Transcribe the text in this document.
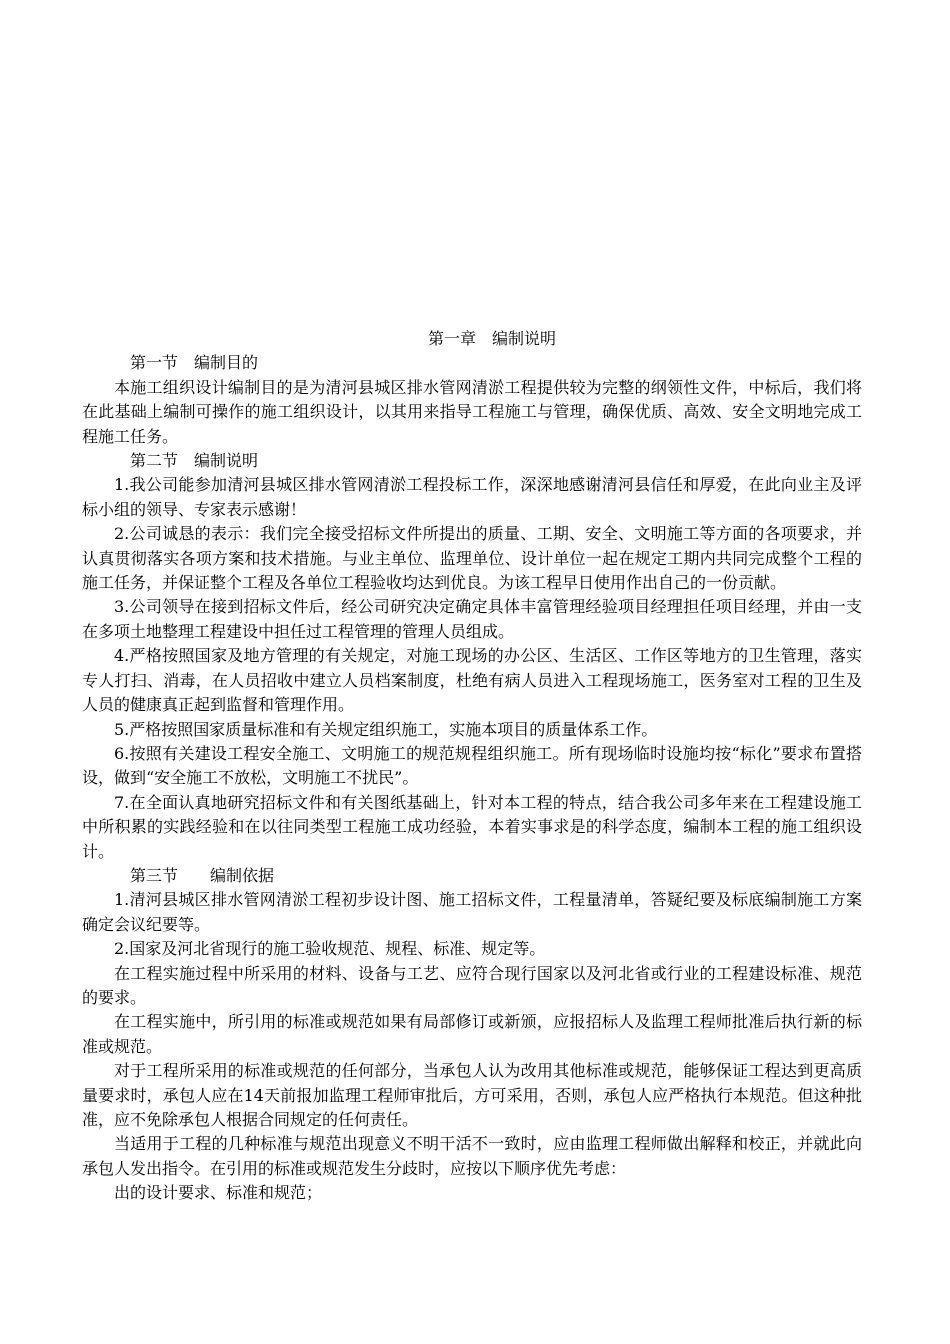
第一章　编制说明

第一节　编制目的

本施工组织设计编制目的是为清河县城区排水管网清淤工程提供较为完整的纲领性文件，中标后，我们将在此基础上编制可操作的施工组织设计，以其用来指导工程施工与管理，确保优质、高效、安全文明地完成工程施工任务。

第二节　编制说明

1.我公司能参加清河县城区排水管网清淤工程投标工作，深深地感谢清河县信任和厚爱，在此向业主及评标小组的领导、专家表示感谢！

2.公司诚恳的表示：我们完全接受招标文件所提出的质量、工期、安全、文明施工等方面的各项要求，并认真贯彻落实各项方案和技术措施。与业主单位、监理单位、设计单位一起在规定工期内共同完成整个工程的施工任务，并保证整个工程及各单位工程验收均达到优良。为该工程早日使用作出自己的一份贡献。

3.公司领导在接到招标文件后，经公司研究决定确定具体丰富管理经验项目经理担任项目经理，并由一支在多项土地整理工程建设中担任过工程管理的管理人员组成。

4.严格按照国家及地方管理的有关规定，对施工现场的办公区、生活区、工作区等地方的卫生管理，落实专人打扫、消毒，在人员招收中建立人员档案制度，杜绝有病人员进入工程现场施工，医务室对工程的卫生及人员的健康真正起到监督和管理作用。

5.严格按照国家质量标准和有关规定组织施工，实施本项目的质量体系工作。

6.按照有关建设工程安全施工、文明施工的规范规程组织施工。所有现场临时设施均按“标化”要求布置搭设，做到“安全施工不放松，文明施工不扰民”。

7.在全面认真地研究招标文件和有关图纸基础上，针对本工程的特点，结合我公司多年来在工程建设施工中所积累的实践经验和在以往同类型工程施工成功经验，本着实事求是的科学态度，编制本工程的施工组织设计。

第三节　　编制依据

1.清河县城区排水管网清淤工程初步设计图、施工招标文件，工程量清单，答疑纪要及标底编制施工方案确定会议纪要等。

2.国家及河北省现行的施工验收规范、规程、标准、规定等。

在工程实施过程中所采用的材料、设备与工艺、应符合现行国家以及河北省或行业的工程建设标准、规范的要求。

在工程实施中，所引用的标准或规范如果有局部修订或新颁，应报招标人及监理工程师批准后执行新的标准或规范。

对于工程所采用的标准或规范的任何部分，当承包人认为改用其他标准或规范，能够保证工程达到更高质量要求时，承包人应在14天前报加监理工程师审批后，方可采用，否则，承包人应严格执行本规范。但这种批准，应不免除承包人根据合同规定的任何责任。

当适用于工程的几种标准与规范出现意义不明干活不一致时，应由监理工程师做出解释和校正，并就此向承包人发出指令。在引用的标准或规范发生分歧时，应按以下顺序优先考虑：

出的设计要求、标准和规范；
